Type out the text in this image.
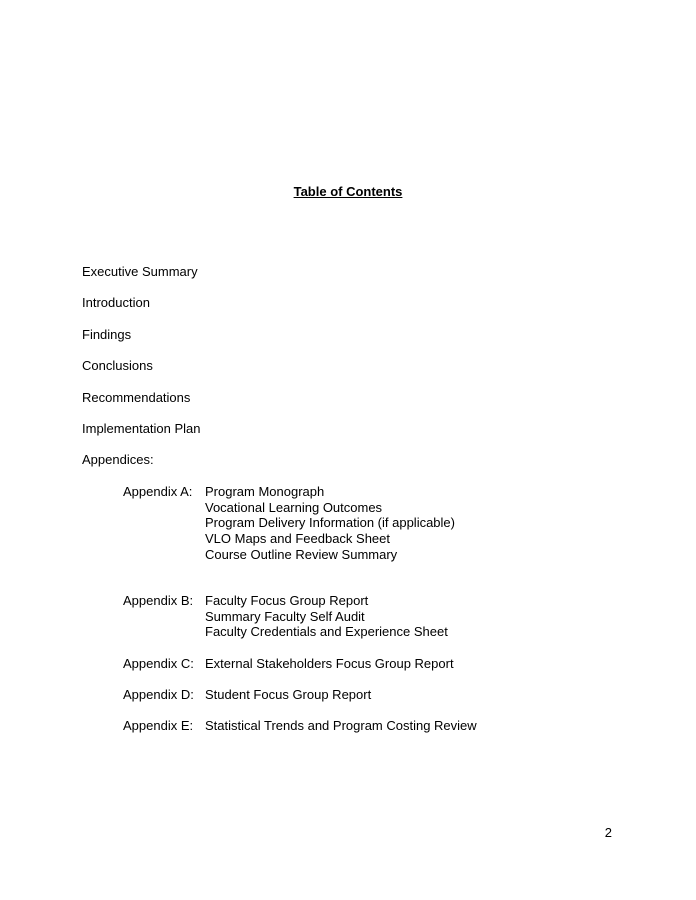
Table of Contents
Executive Summary
Introduction
Findings
Conclusions
Recommendations
Implementation Plan
Appendices:
Appendix A: Program Monograph
Vocational Learning Outcomes
Program Delivery Information (if applicable)
VLO Maps and Feedback Sheet
Course Outline Review Summary
Appendix B: Faculty Focus Group Report
Summary Faculty Self Audit
Faculty Credentials and Experience Sheet
Appendix C: External Stakeholders Focus Group Report
Appendix D: Student Focus Group Report
Appendix E: Statistical Trends and Program Costing Review
2
